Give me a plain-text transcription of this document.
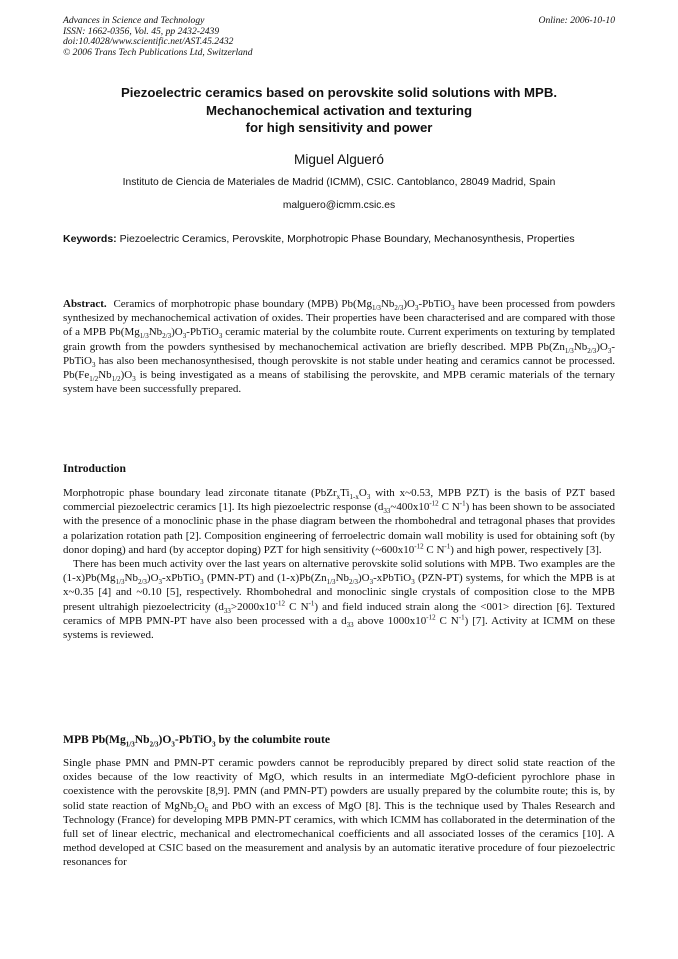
Advances in Science and Technology
ISSN: 1662-0356, Vol. 45, pp 2432-2439
doi:10.4028/www.scientific.net/AST.45.2432
© 2006 Trans Tech Publications Ltd, Switzerland
Online: 2006-10-10
Piezoelectric ceramics based on perovskite solid solutions with MPB.
Mechanochemical activation and texturing
for high sensitivity and power
Miguel Algueró
Instituto de Ciencia de Materiales de Madrid (ICMM), CSIC. Cantoblanco, 28049 Madrid, Spain
malguero@icmm.csic.es
Keywords: Piezoelectric Ceramics, Perovskite, Morphotropic Phase Boundary, Mechanosynthesis, Properties

Abstract. Ceramics of morphotropic phase boundary (MPB) $Pb(Mg_{1/3}Nb_{2/3})O_3-PbTiO_3$ have been processed from powders synthesized by mechanochemical activation of oxides. Their properties have been characterised and are compared with those of a MPB $Pb(Mg_{1/3}Nb_{2/3})O_3-PbTiO_3$ ceramic material by the columbite route. Current experiments on texturing by templated grain growth from the powders synthesised by mechanochemical activation are briefly described. MPB $Pb(Zn_{1/3}Nb_{2/3})O_3-PbTiO_3$ has also been mechanosynthesised, though perovskite is not stable under heating and ceramics cannot be processed. $Pb(Fe_{1/2}Nb_{1/2})O_3$ is being investigated as a means of stabilising the perovskite, and MPB ceramic materials of the ternary system have been successfully prepared.

Introduction

Morphotropic phase boundary lead zirconate titanate ($PbZr_xTi_{1-x}O_3$ with x~0.53, MPB PZT) is the basis of PZT based commercial piezoelectric ceramics [1]. Its high piezoelectric response ($d_{33}\sim 400x10^{-12}$ C $N^{-1}$) has been shown to be associated with the presence of a monoclinic phase in the phase diagram between the rhombohedral and tetragonal phases that provides a polarization rotation path [2]. Composition engineering of ferroelectric domain wall mobility is used for obtaining soft (by donor doping) and hard (by acceptor doping) PZT for high sensitivity ($\sim 600x10^{-12}$ C $N^{-1}$) and high power, respectively [3].

There has been much activity over the last years on alternative perovskite solid solutions with MPB. Two examples are the $(1-x)Pb(Mg_{1/3}Nb_{2/3})O_3-xPbTiO_3$ (PMN-PT) and $(1-x)Pb(Zn_{1/3}Nb_{2/3})O_3-xPbTiO_3$ (PZN-PT) systems, for which the MPB is at x~0.35 [4] and ~0.10 [5], respectively. Rhombohedral and monoclinic single crystals of composition close to the MPB present ultrahigh piezoelectricity ($d_{33}>2000x10^{-12}$ C $N^{-1}$) and field induced strain along the <001> direction [6]. Textured ceramics of MPB PMN-PT have also been processed with a $d_{33}$ above $1000x10^{-12}$ C $N^{-1}$) [7]. Activity at ICMM on these systems is reviewed.

MPB $Pb(Mg_{1/3}Nb_{2/3})O_3-PbTiO_3$ by the columbite route

Single phase PMN and PMN-PT ceramic powders cannot be reproducibly prepared by direct solid state reaction of the oxides because of the low reactivity of MgO, which results in an intermediate MgO-deficient pyrochlore phase in coexistence with the perovskite [8,9]. PMN (and PMN-PT) powders are usually prepared by the columbite route; this is, by solid state reaction of $MgNb_2O_6$ and PbO with an excess of MgO [8]. This is the technique used by Thales Research and Technology (France) for developing MPB PMN-PT ceramics, with which ICMM has collaborated in the determination of the full set of linear electric, mechanical and electromechanical coefficients and all associated losses of the ceramics [10]. A method developed at CSIC based on the measurement and analysis by an automatic iterative procedure of four piezoelectric resonances for
